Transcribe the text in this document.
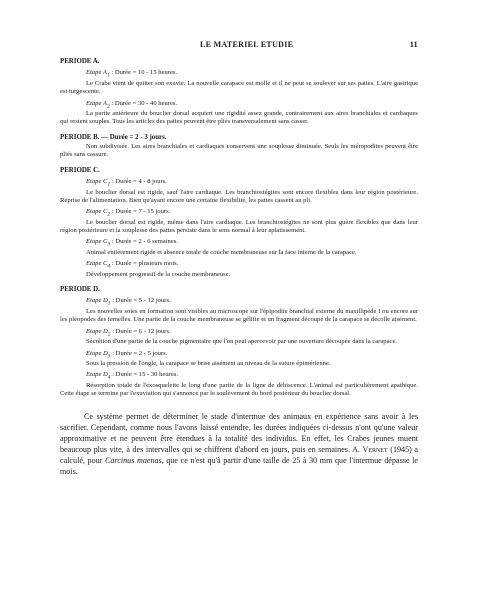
LE MATERIEL ETUDIE	11
PERIODE A.
Etape $A_1$ : Durée = 10 - 15 heures.
Le Crabe vient de quitter son exuvie. La nouvelle carapace est molle et il ne peut se soulever sur ses pattes. L'aire gastrique est turgescente.
Etape $A_2$ : Durée = 30 - 40 heures.
La partie antérieure du bouclier dorsal acquiert une rigidité assez grande, contrairement aux aires branchiales et cardiaques qui restent souples. Tous les articles des pattes peuvent être pliés transversalement sans casser.
PERIODE B. — Durée = 2 - 3 jours.
Non subdivisée. Les aires branchiales et cardiaques conservent une souplesse diminuée. Seuls les méropodites peuvent être pliés sans cassure.
PERIODE C.
Etape $C_1$ : Durée = 4 - 8 jours.
Le bouclier dorsal est rigide, sauf l'aire cardiaque. Les branchiostégites sont encore flexibles dans leur région postérieure. Reprise de l'alimentation. Bien qu'ayant encore une certaine flexibilité, les pattes cassent au pli.
Etape $C_2$ : Durée = 7 - 15 jours.
Le bouclier dorsal est rigide, même dans l'aire cardiaque. Les branchiostégites ne sont plus guère flexibles que dans leur région postérieure et la souplesse des pattes persiste dans le sens normal à leur aplatissement.
Etape $C_3$ : Durée = 2 - 6 semaines.
Animal entièrement rigide et absence totale de couche membraneuse sur la face interne de la carapace.
Etape $C_4$ : Durée = plusieurs mois.
Développement progressif de la couche membraneuse.
PERIODE D.
Etape $D_1$ : Durée = 5 - 12 jours.
Les nouvelles soies en formation sont visibles au microscope sur l'épipodite branchial externe du maxillipède I ou encore sur les pléopodes des femelles. Une partie de la couche membraneuse se gélifie et un fragment découpé de la carapace se décolle aisément.
Etape $D_2$ : Durée = 6 - 12 jours.
Sécrétion d'une partie de la couche pigmentaire que l'on peut apercevoir par une ouverture découpée dans la carapace.
Etape $D_3$ : Durée = 2 - 5 jours.
Sous la pression de l'ongle, la carapace se brise aisément au niveau de la suture épimérienne.
Etape $D_4$ : Durée = 15 - 30 heures.
Résorption totale de l'exosquelette le long d'une partie de la ligne de déhiscence. L'animal est particulièrement apathique. Cette étape se termine par l'exuviation qui s'annonce par le soulèvement du bord postérieur du bouclier dorsal.
Ce système permet de déterminer le stade d'intermue des animaux en expérience sans avoir à les sacrifier. Cependant, comme nous l'avons laissé entendre, les durées indiquées ci-dessus n'ont qu'une valeur approximative et ne peuvent être étendues à la totalité des individus. En effet, les Crabes jeunes muent beaucoup plus vite, à des intervalles qui se chiffrent d'abord en jours, puis en semaines. A. Vernet (1945) a calculé, pour Carcinus maenas, que ce n'est qu'à partir d'une taille de 25 à 30 mm que l'intermue dépasse le mois.
